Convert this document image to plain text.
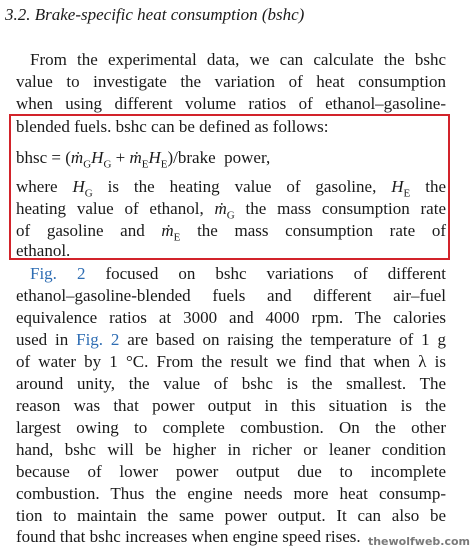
3.2. Brake-specific heat consumption (bshc)
From the experimental data, we can calculate the bshc
value to investigate the variation of heat consumption
when using different volume ratios of ethanol–gasoline-
blended fuels. bshc can be defined as follows:
bhsc = ($ṁ_GH_G$ + $ṁ_EH_E$)/brake  power,
where $H_G$ is the heating value of gasoline, $H_E$ the
heating value of ethanol, ṁ$_G$ the mass consumption rate
of gasoline and ṁ$_E$ the mass consumption rate of
ethanol.
Fig. 2 focused on bshc variations of different
ethanol–gasoline-blended fuels and different air–fuel
equivalence ratios at 3000 and 4000 rpm. The calories
used in Fig. 2 are based on raising the temperature of 1 g
of water by 1 °C. From the result we find that when λ is
around unity, the value of bshc is the smallest. The
reason was that power output in this situation is the
largest owing to complete combustion. On the other
hand, bshc will be higher in richer or leaner condition
because of lower power output due to incomplete
combustion. Thus the engine needs more heat consump-
tion to maintain the same power output. It can also be
found that bshc increases when engine speed rises. thewolfweb.com
